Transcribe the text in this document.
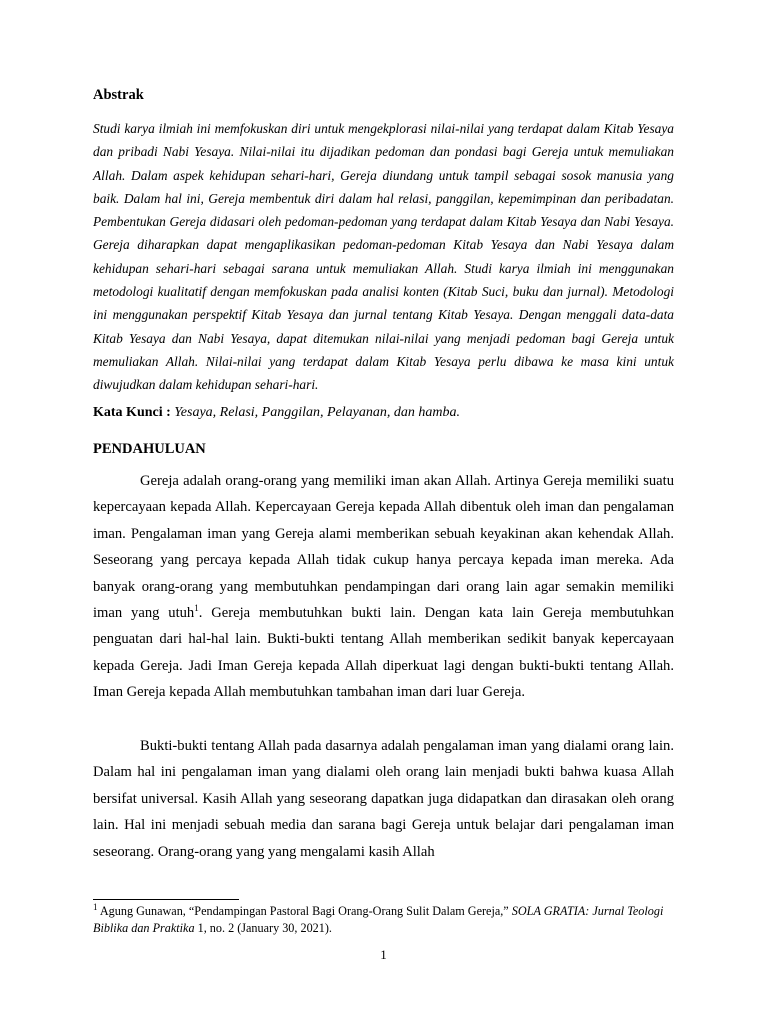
Abstrak
Studi karya ilmiah ini memfokuskan diri untuk mengekplorasi nilai-nilai yang terdapat dalam Kitab Yesaya dan pribadi Nabi Yesaya. Nilai-nilai itu dijadikan pedoman dan pondasi bagi Gereja untuk memuliakan Allah. Dalam aspek kehidupan sehari-hari, Gereja diundang untuk tampil sebagai sosok manusia yang baik. Dalam hal ini, Gereja membentuk diri dalam hal relasi, panggilan, kepemimpinan dan peribadatan. Pembentukan Gereja didasari oleh pedoman-pedoman yang terdapat dalam Kitab Yesaya dan Nabi Yesaya. Gereja diharapkan dapat mengaplikasikan pedoman-pedoman Kitab Yesaya dan Nabi Yesaya dalam kehidupan sehari-hari sebagai sarana untuk memuliakan Allah. Studi karya ilmiah ini menggunakan metodologi kualitatif dengan memfokuskan pada analisi konten (Kitab Suci, buku dan jurnal). Metodologi ini menggunakan perspektif Kitab Yesaya dan jurnal tentang Kitab Yesaya. Dengan menggali data-data Kitab Yesaya dan Nabi Yesaya, dapat ditemukan nilai-nilai yang menjadi pedoman bagi Gereja untuk memuliakan Allah. Nilai-nilai yang terdapat dalam Kitab Yesaya perlu dibawa ke masa kini untuk diwujudkan dalam kehidupan sehari-hari.
Kata Kunci : Yesaya, Relasi, Panggilan, Pelayanan, dan hamba.
PENDAHULUAN
Gereja adalah orang-orang yang memiliki iman akan Allah. Artinya Gereja memiliki suatu kepercayaan kepada Allah. Kepercayaan Gereja kepada Allah dibentuk oleh iman dan pengalaman iman. Pengalaman iman yang Gereja alami memberikan sebuah keyakinan akan kehendak Allah. Seseorang yang percaya kepada Allah tidak cukup hanya percaya kepada iman mereka. Ada banyak orang-orang yang membutuhkan pendampingan dari orang lain agar semakin memiliki iman yang utuh$^1$. Gereja membutuhkan bukti lain. Dengan kata lain Gereja membutuhkan penguatan dari hal-hal lain. Bukti-bukti tentang Allah memberikan sedikit banyak kepercayaan kepada Gereja. Jadi Iman Gereja kepada Allah diperkuat lagi dengan bukti-bukti tentang Allah. Iman Gereja kepada Allah membutuhkan tambahan iman dari luar Gereja.
Bukti-bukti tentang Allah pada dasarnya adalah pengalaman iman yang dialami orang lain. Dalam hal ini pengalaman iman yang dialami oleh orang lain menjadi bukti bahwa kuasa Allah bersifat universal. Kasih Allah yang seseorang dapatkan juga didapatkan dan dirasakan oleh orang lain. Hal ini menjadi sebuah media dan sarana bagi Gereja untuk belajar dari pengalaman iman seseorang. Orang-orang yang yang mengalami kasih Allah
$^1$ Agung Gunawan, “Pendampingan Pastoral Bagi Orang-Orang Sulit Dalam Gereja,” SOLA GRATIA: Jurnal Teologi Biblika dan Praktika 1, no. 2 (January 30, 2021).
1
